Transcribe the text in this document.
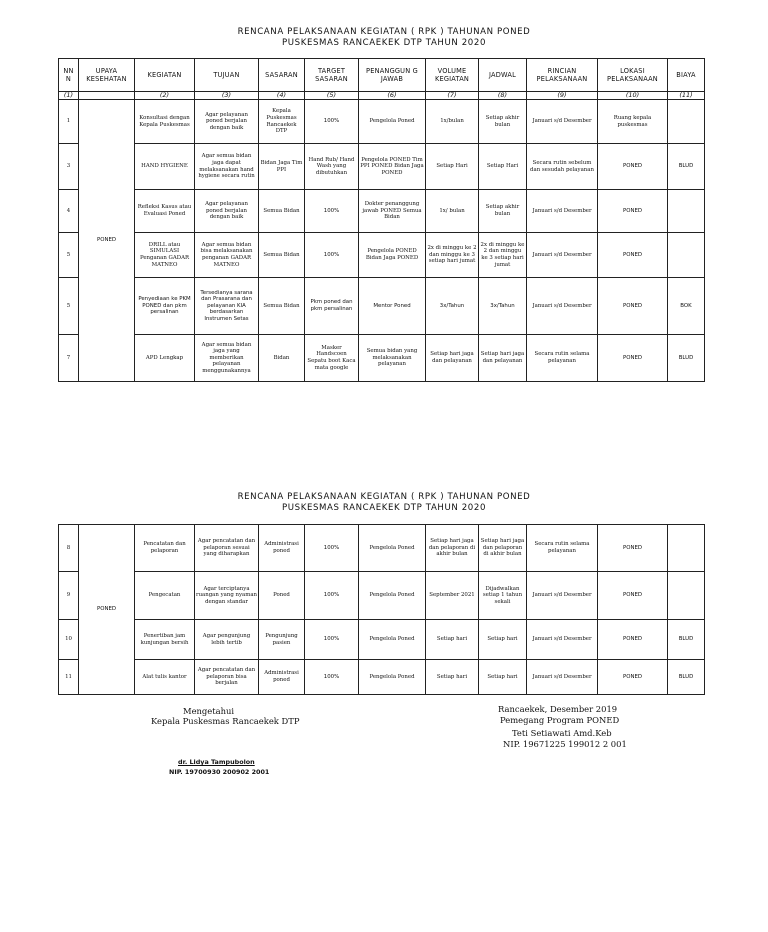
RENCANA PELAKSANAAN KEGIATAN ( RPK ) TAHUNAN PONED
PUSKESMAS RANCAEKEK DTP TAHUN 2020
NN N	UPAYA KESEHATAN	KEGIATAN	TUJUAN	SASARAN	TARGET SASARAN	PENANGGUN G JAWAB	VOLUME KEGIATAN	JADWAL	RINCIAN PELAKSANAAN	LOKASI PELAKSANAAN	BIAYA
(1)		(2)	(3)	(4)	(5)	(6)	(7)	(8)	(9)	(10)	(11)
1	PONED	Konsultasi dengan Kepala Puskesmas	Agar pelayanan poned berjalan dengan baik	Kepala Puskesmas Rancaekek DTP	100%	Pengelola Poned	1x/bulan	Setiap akhir bulan	Januari s/d Desember	Ruang kepala puskesmas	
3		HAND HYGIENE	Agar semua bidan jaga dapat melaksanakan hand hygiene secara rutin	Bidan Jaga Tim PPI	Hand Rub/ Hand Wash yang dibutuhkan	Pengelola PONED Tim PPI PONED Bidan Jaga PONED	Setiap Hari	Setiap Hari	Secara rutin sebelum dan sesudah pelayanan	PONED	BLUD
4		Refleksi Kasus atau Evaluasi Poned	Agar pelayanan poned berjalan dengan baik	Semua Bidan	100%	Dokter penanggung jawab PONED Semua Bidan	1x/ bulan	Setiap akhir bulan	Januari s/d Desember	PONED	
5		DRILL atau SIMULASI Penganan GADAR MATNEO	Agar semua bidan bisa melaksanakan penganan GADAR MATNEO	Semua Bidan	100%	Pengelola PONED Bidan Jaga PONED	2x di minggu ke 2 dan minggu ke 3 setiap hari jumat	2x di minggu ke 2 dan minggu ke 3 setiap hari jumat	Januari s/d Desember	PONED	
5		Penyediaan ke PKM PONED dan pkm persalinan	Tersedianya sarana dan Prasarana dan pelayanan KIA berdasarkan Instrumen Setas	Semua Bidan	Pkm poned dan pkm persalinan	Mentor Poned	3x/Tahun	3x/Tahun	Januari s/d Desember	PONED	BOK
7		APD Lengkap	Agar semua bidan jaga yang memberikan pelayanan menggunakannya	Bidan	Masker Handscoen Sepatu boot Kaca mata google	Semua bidan yang melaksanakan pelayanan	Setiap hari jaga dan pelayanan	Setiap hari jaga dan pelayanan	Secara rutin selama pelayanan	PONED	BLUD
RENCANA PELAKSANAAN KEGIATAN ( RPK ) TAHUNAN PONED
PUSKESMAS RANCAEKEK DTP TAHUN 2020
8	PONED	Pencatatan dan pelaporan	Agar pencatatan dan pelaporan sesuai yang diharapkan	Administrasi poned	100%	Pengelola Poned	Setiap hari jaga dan pelaporan di akhir bulan	Setiap hari jaga dan pelaporan di akhir bulan	Secara rutin selama pelayanan	PONED	
9		Pengecatan	Agar terciptanya ruangan yang nyaman dengan standar	Poned	100%	Pengelola Poned	September 2021	Dijadwalkan setiap 1 tahun sekali	Januari s/d Desember	PONED	
10		Penertiban jam kunjungan bersih	Agar pengunjung lebih tertib	Pengunjung pasien	100%	Pengelola Poned	Setiap hari	Setiap hari	Januari s/d Desember	PONED	BLUD
11		Alat tulis kantor	Agar pencatatan dan pelaporan bisa berjalan	Administrasi poned	100%	Pengelola Poned	Setiap hari	Setiap hari	Januari s/d Desember	PONED	BLUD
Mengetahui
Kepala Puskesmas Rancaekek DTP
dr. Lidya Tampubolon
NIP. 19700930 200902 2001
Rancaekek, Desember 2019
Pemegang Program PONED
Teti Setiawati Amd.Keb
NIP. 19671225 199012 2 001
